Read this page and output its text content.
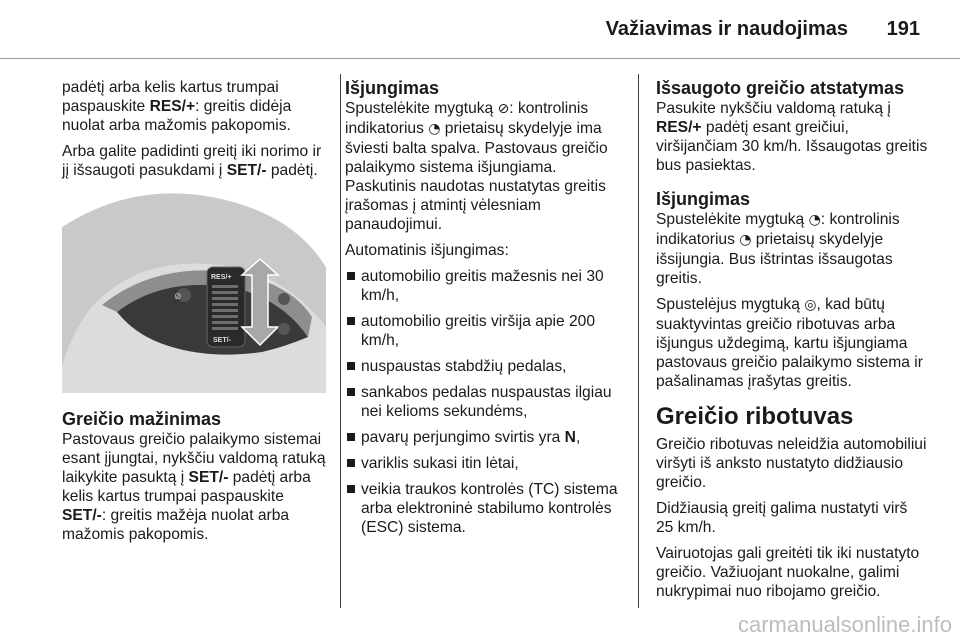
Važiavimas ir naudojimas 191

padėtį arba kelis kartus trumpai paspauskite RES/+: greitis didėja nuolat arba mažomis pakopomis.

Arba galite padidinti greitį iki norimo ir jį išsaugoti pasukdami į SET/- padėtį.

⊘
RES/+
SET/-
Greičio mažinimas

Pastovaus greičio palaikymo sistemai esant įjungtai, nykščiu valdomą ratuką laikykite pasuktą į SET/- padėtį arba kelis kartus trumpai paspauskite SET/-: greitis mažėja nuolat arba mažomis pakopomis.

Išjungimas

Spustelėkite mygtuką ⊘: kontrolinis indikatorius ◔ prietaisų skydelyje ima šviesti balta spalva. Pastovaus greičio palaikymo sistema išjungiama. Paskutinis naudotas nustatytas greitis įrašomas į atmintį vėlesniam panaudojimui.

Automatinis išjungimas:

automobilio greitis mažesnis nei 30 km/h,
automobilio greitis viršija apie 200 km/h,
nuspaustas stabdžių pedalas,
sankabos pedalas nuspaustas ilgiau nei kelioms sekundėms,
pavarų perjungimo svirtis yra N,
variklis sukasi itin lėtai,
veikia traukos kontrolės (TC) sistema arba elektroninė stabilumo kontrolės (ESC) sistema.
Išsaugoto greičio atstatymas

Pasukite nykščiu valdomą ratuką į RES/+ padėtį esant greičiui, viršijančiam 30 km/h. Išsaugotas greitis bus pasiektas.

Išjungimas

Spustelėkite mygtuką ◔: kontrolinis indikatorius ◔ prietaisų skydelyje išsijungia. Bus ištrintas išsaugotas greitis.

Spustelėjus mygtuką ◎, kad būtų suaktyvintas greičio ribotuvas arba išjungus uždegimą, kartu išjungiama pastovaus greičio palaikymo sistema ir pašalinamas įrašytas greitis.

Greičio ribotuvas

Greičio ribotuvas neleidžia automobiliui viršyti iš anksto nustatyto didžiausio greičio.

Didžiausią greitį galima nustatyti virš 25 km/h.

Vairuotojas gali greitėti tik iki nustatyto greičio. Važiuojant nuokalne, galimi nukrypimai nuo ribojamo greičio.

carmanualsonline.info
